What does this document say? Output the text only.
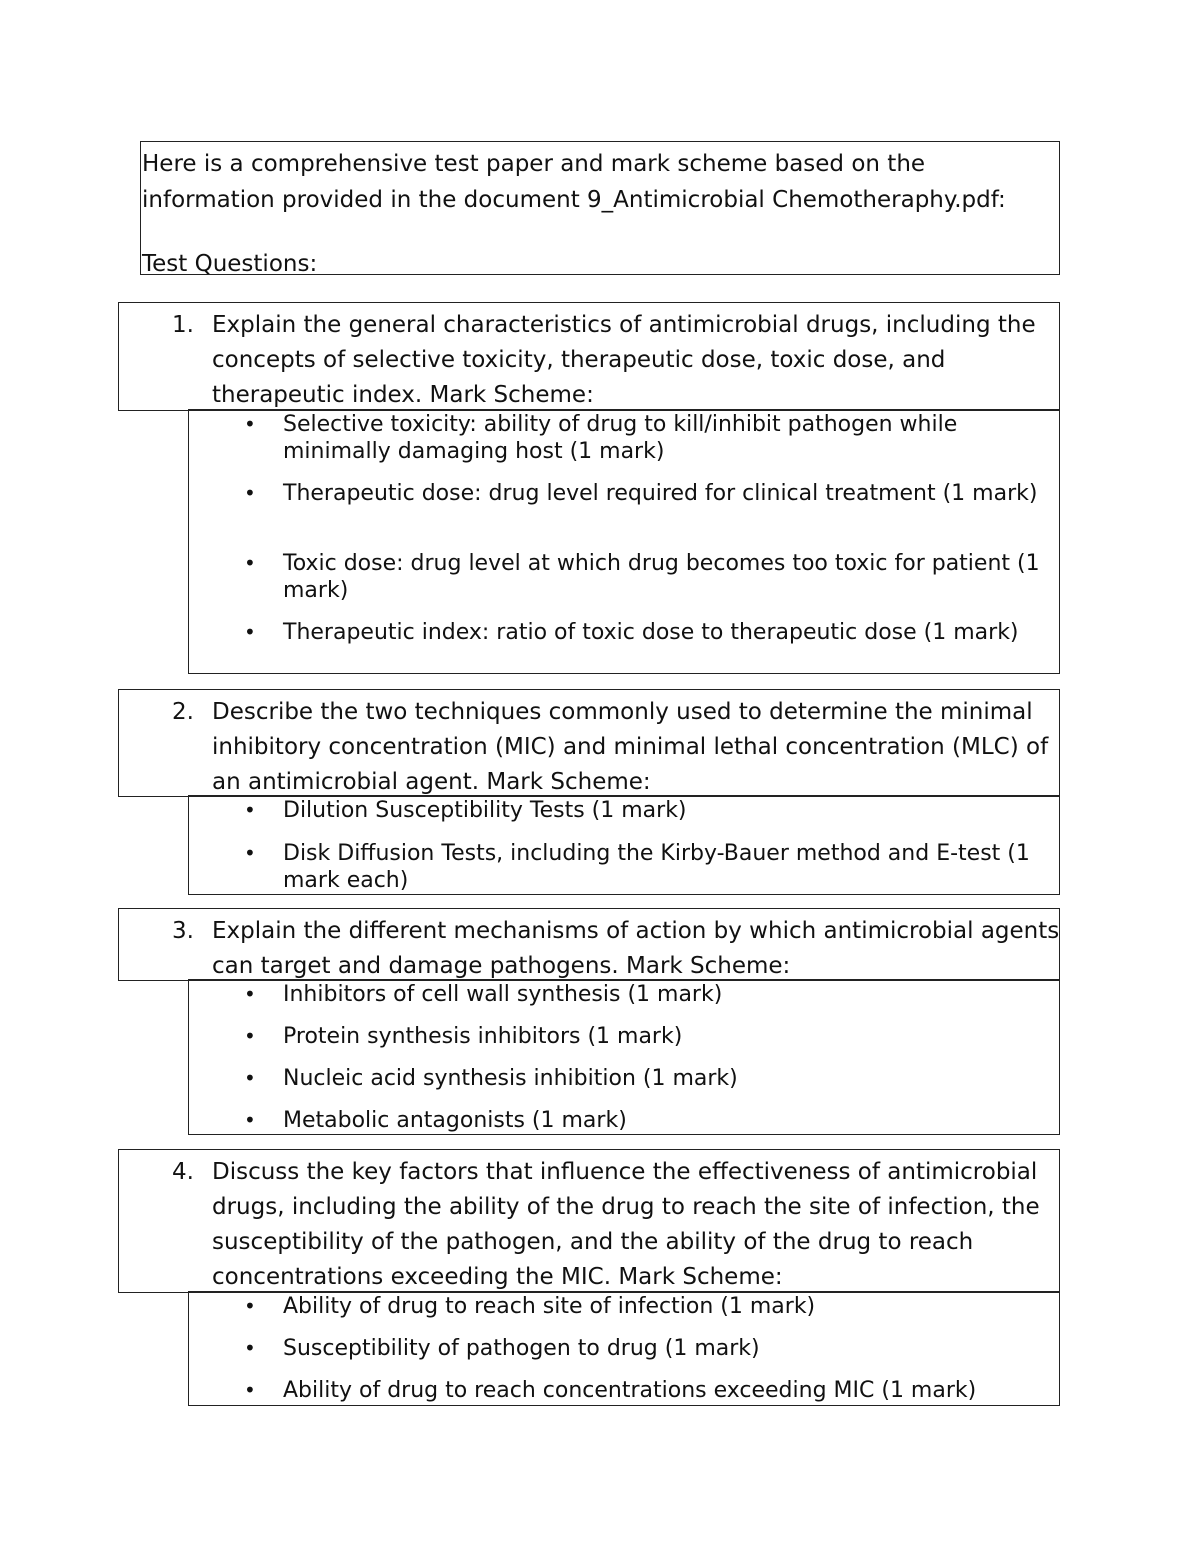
Here is a comprehensive test paper and mark scheme based on the
information provided in the document 9_Antimicrobial Chemotheraphy.pdf:
Test Questions:
1. Explain the general characteristics of antimicrobial drugs, including the concepts of selective toxicity, therapeutic dose, toxic dose, and therapeutic index. Mark Scheme:
• Selective toxicity: ability of drug to kill/inhibit pathogen while minimally damaging host (1 mark)
• Therapeutic dose: drug level required for clinical treatment (1 mark)
• Toxic dose: drug level at which drug becomes too toxic for patient (1 mark)
• Therapeutic index: ratio of toxic dose to therapeutic dose (1 mark)
2. Describe the two techniques commonly used to determine the minimal inhibitory concentration (MIC) and minimal lethal concentration (MLC) of an antimicrobial agent. Mark Scheme:
• Dilution Susceptibility Tests (1 mark)
• Disk Diffusion Tests, including the Kirby-Bauer method and E-test (1 mark each)
3. Explain the different mechanisms of action by which antimicrobial agents can target and damage pathogens. Mark Scheme:
• Inhibitors of cell wall synthesis (1 mark)
• Protein synthesis inhibitors (1 mark)
• Nucleic acid synthesis inhibition (1 mark)
• Metabolic antagonists (1 mark)
4. Discuss the key factors that influence the effectiveness of antimicrobial drugs, including the ability of the drug to reach the site of infection, the susceptibility of the pathogen, and the ability of the drug to reach concentrations exceeding the MIC. Mark Scheme:
• Ability of drug to reach site of infection (1 mark)
• Susceptibility of pathogen to drug (1 mark)
• Ability of drug to reach concentrations exceeding MIC (1 mark)
